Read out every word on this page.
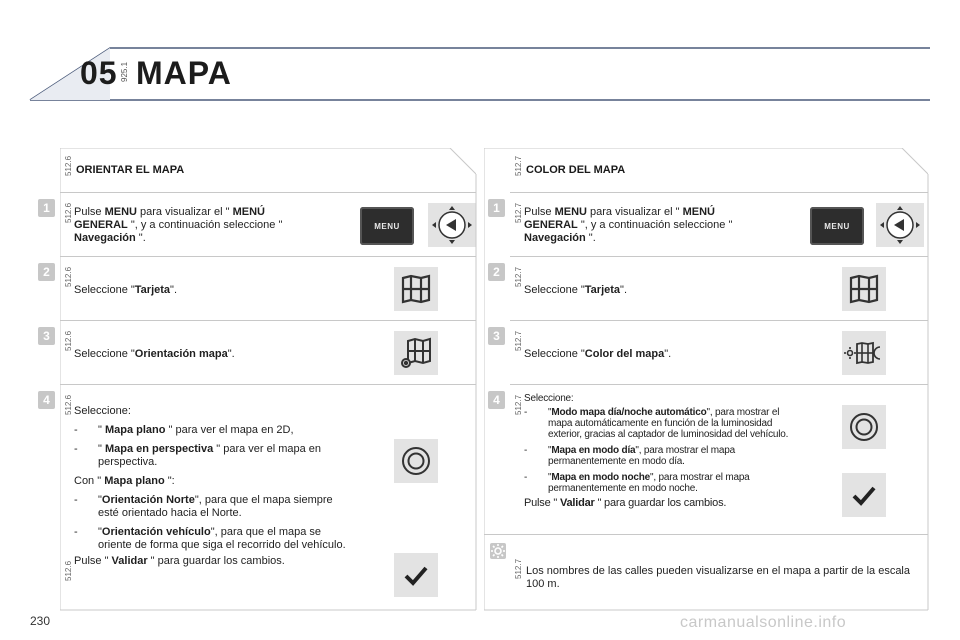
05 925.1 MAPA
512.6 ORIENTAR EL MAPA
512.6
1	Pulse MENU para visualizar el " MENÚ GENERAL ", y a continuación seleccione " Navegación ".
MENU
512.6
2
Seleccione "Tarjeta".
512.6
3
Seleccione "Orientación mapa".
512.6
4
Seleccione:
- " Mapa plano " para ver el mapa en 2D,
- " Mapa en perspectiva " para ver el mapa en perspectiva.
Con " Mapa plano ":
- "Orientación Norte", para que el mapa siempre esté orientado hacia el Norte.
- "Orientación vehículo", para que el mapa se oriente de forma que siga el recorrido del vehículo.
Pulse " Validar " para guardar los cambios.
512.6
512.7 COLOR DEL MAPA
512.7
1	Pulse MENU para visualizar el " MENÚ GENERAL ", y a continuación seleccione " Navegación ".
MENU
512.7
2
Seleccione "Tarjeta".
512.7
3
Seleccione "Color del mapa".
512.7
4	Seleccione:
- "Modo mapa día/noche automático", para mostrar el mapa automáticamente en función de la luminosidad exterior, gracias al captador de luminosidad del vehículo.
- "Mapa en modo día", para mostrar el mapa permanentemente en modo día.
- "Mapa en modo noche", para mostrar el mapa permanentemente en modo noche.
Pulse " Validar " para guardar los cambios.
512.7 Los nombres de las calles pueden visualizarse en el mapa a partir de la escala 100 m.
230	carmanualsonline.info
